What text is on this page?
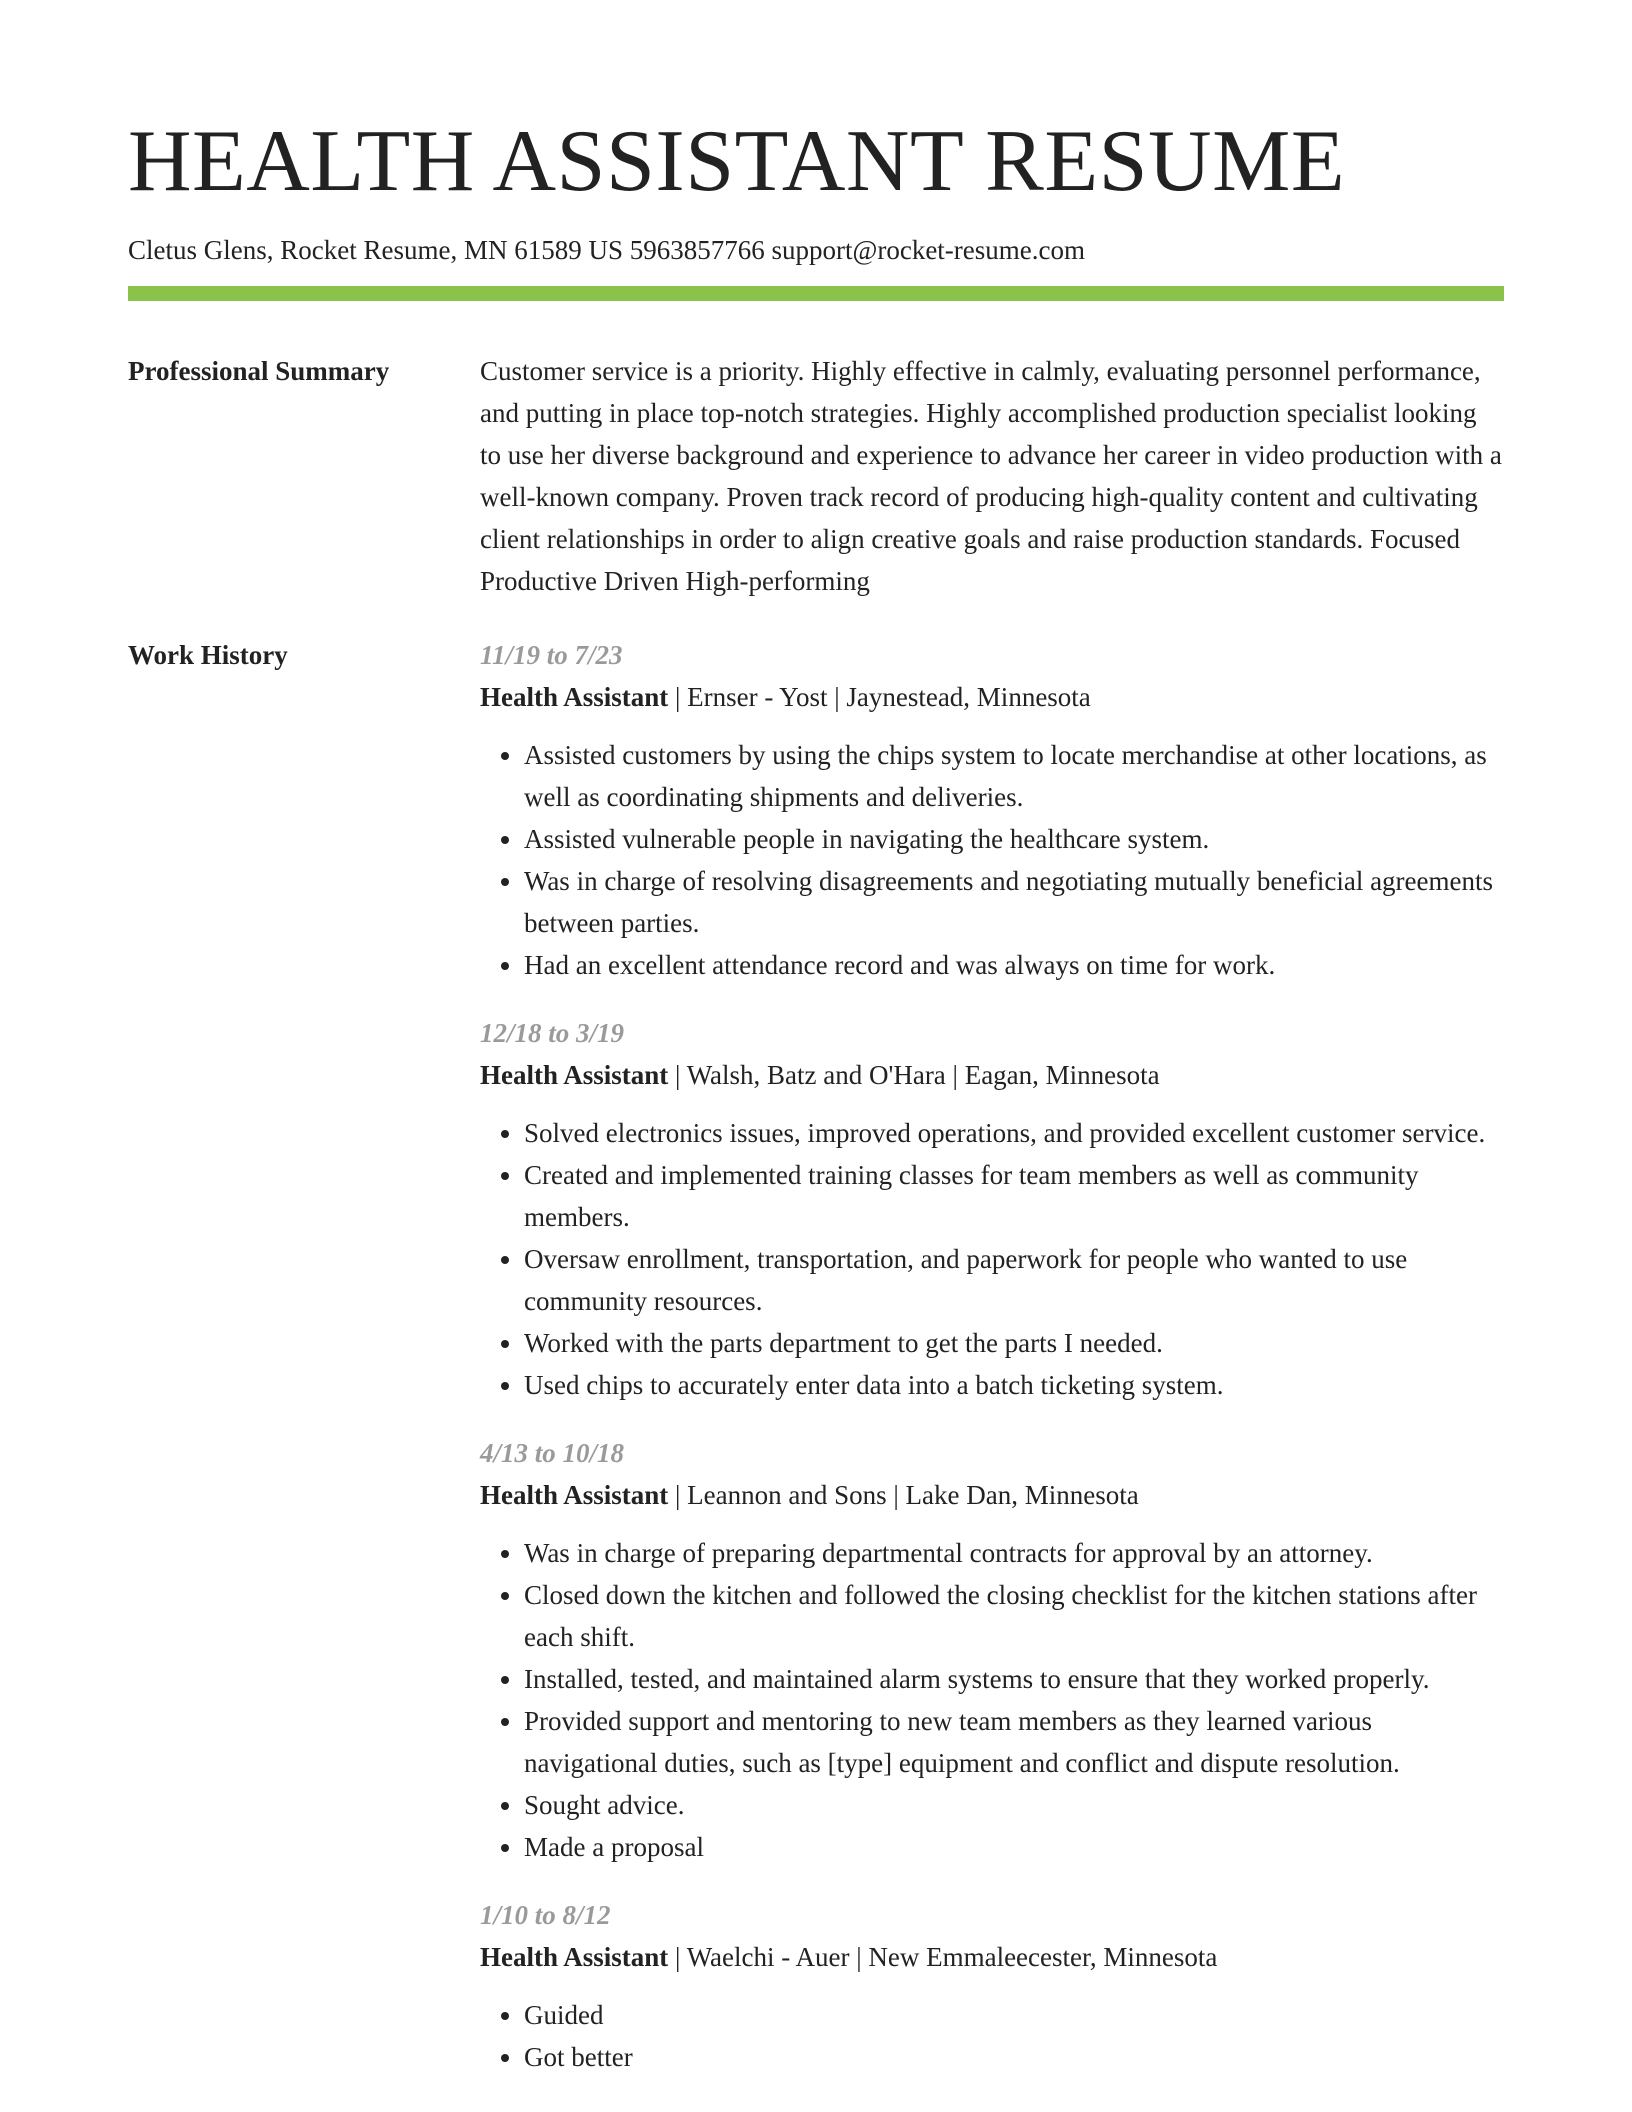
HEALTH ASSISTANT RESUME
Cletus Glens, Rocket Resume, MN 61589 US 5963857766 support@rocket-resume.com
Professional Summary	Customer service is a priority. Highly effective in calmly, evaluating personnel performance, and putting in place top-notch strategies. Highly accomplished production specialist looking to use her diverse background and experience to advance her career in video production with a well-known company. Proven track record of producing high-quality content and cultivating client relationships in order to align creative goals and raise production standards. Focused Productive Driven High-performing

Work History	11/19 to 7/23
Health Assistant | Ernser - Yost | Jaynestead, Minnesota
• Assisted customers by using the chips system to locate merchandise at other locations, as well as coordinating shipments and deliveries.
• Assisted vulnerable people in navigating the healthcare system.
• Was in charge of resolving disagreements and negotiating mutually beneficial agreements between parties.
• Had an excellent attendance record and was always on time for work.
12/18 to 3/19
Health Assistant | Walsh, Batz and O'Hara | Eagan, Minnesota
• Solved electronics issues, improved operations, and provided excellent customer service.
• Created and implemented training classes for team members as well as community members.
• Oversaw enrollment, transportation, and paperwork for people who wanted to use community resources.
• Worked with the parts department to get the parts I needed.
• Used chips to accurately enter data into a batch ticketing system.
4/13 to 10/18
Health Assistant | Leannon and Sons | Lake Dan, Minnesota
• Was in charge of preparing departmental contracts for approval by an attorney.
• Closed down the kitchen and followed the closing checklist for the kitchen stations after each shift.
• Installed, tested, and maintained alarm systems to ensure that they worked properly.
• Provided support and mentoring to new team members as they learned various navigational duties, such as [type] equipment and conflict and dispute resolution.
• Sought advice.
• Made a proposal
1/10 to 8/12
Health Assistant | Waelchi - Auer | New Emmaleecester, Minnesota
• Guided
• Got better
